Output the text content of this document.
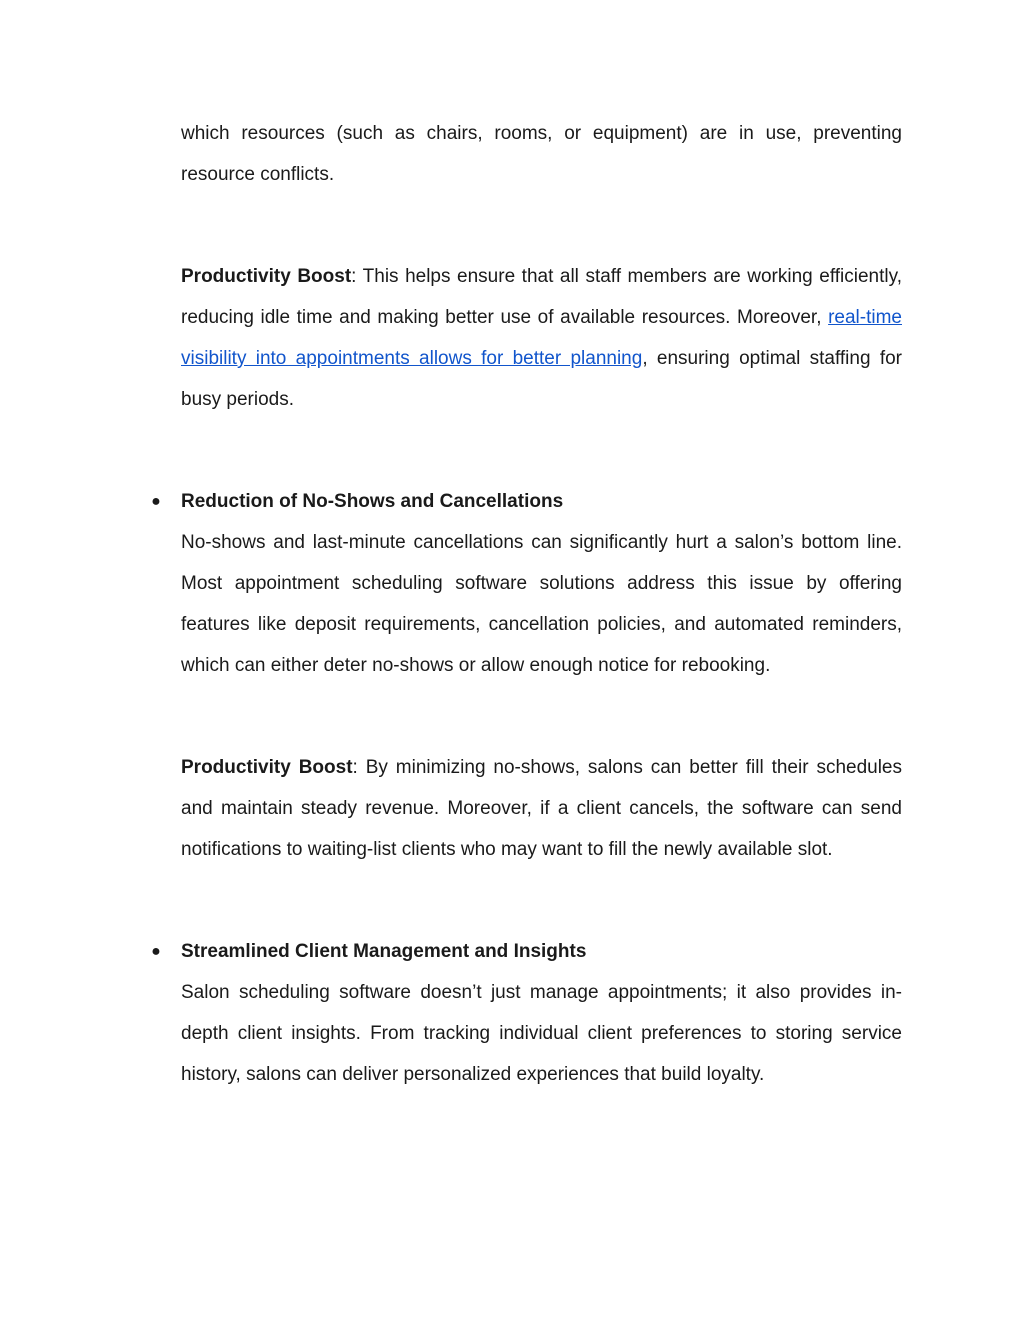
which resources (such as chairs, rooms, or equipment) are in use, preventing resource conflicts.

Productivity Boost: This helps ensure that all staff members are working efficiently, reducing idle time and making better use of available resources. Moreover, real-time visibility into appointments allows for better planning, ensuring optimal staffing for busy periods.

● Reduction of No-Shows and Cancellations

No-shows and last-minute cancellations can significantly hurt a salon’s bottom line. Most appointment scheduling software solutions address this issue by offering features like deposit requirements, cancellation policies, and automated reminders, which can either deter no-shows or allow enough notice for rebooking.

Productivity Boost: By minimizing no-shows, salons can better fill their schedules and maintain steady revenue. Moreover, if a client cancels, the software can send notifications to waiting-list clients who may want to fill the newly available slot.

● Streamlined Client Management and Insights

Salon scheduling software doesn’t just manage appointments; it also provides in-depth client insights. From tracking individual client preferences to storing service history, salons can deliver personalized experiences that build loyalty.
